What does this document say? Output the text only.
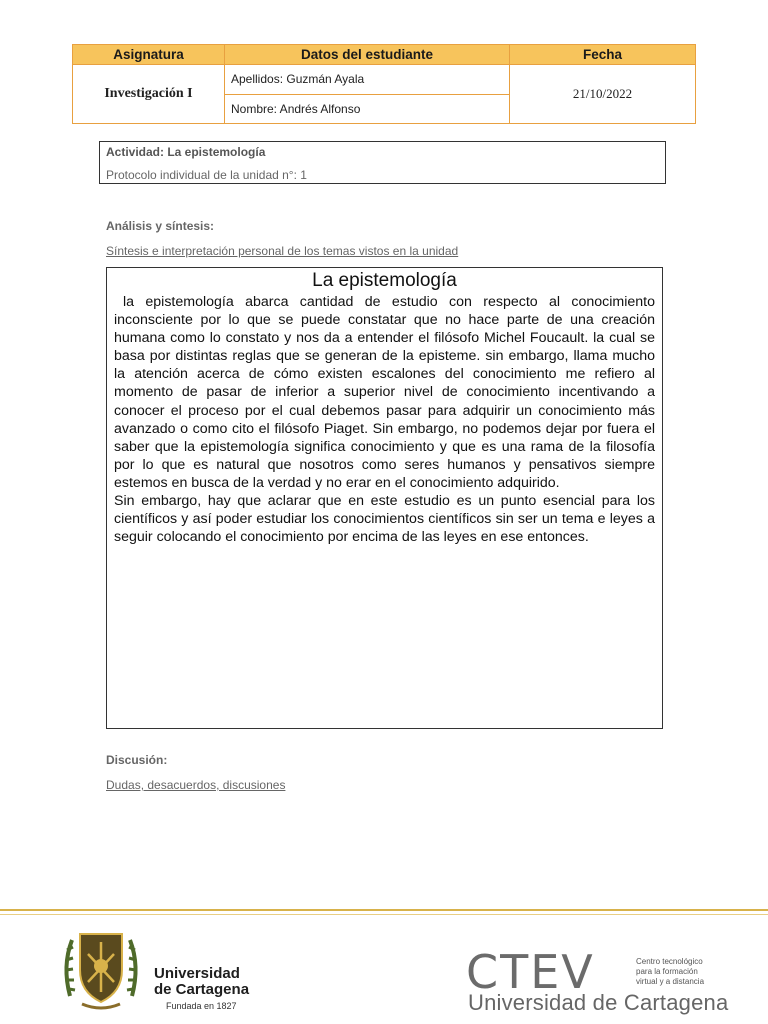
Asignatura	Datos del estudiante	Fecha
Investigación I	Apellidos: Guzmán Ayala	21/10/2022
	Nombre: Andrés Alfonso	
Actividad: La epistemología
Protocolo individual de la unidad n°: 1
Análisis y síntesis:
Síntesis e interpretación personal de los temas vistos en la unidad
La epistemología

la epistemología abarca cantidad de estudio con respecto al conocimiento inconsciente por lo que se puede constatar que no hace parte de una creación humana como lo constato y nos da a entender el filósofo Michel Foucault. la cual se basa por distintas reglas que se generan de la episteme. sin embargo, llama mucho la atención acerca de cómo existen escalones del conocimiento me refiero al momento de pasar de inferior a superior nivel de conocimiento incentivando a conocer el proceso por el cual debemos pasar para adquirir un conocimiento más avanzado o como cito el filósofo Piaget. Sin embargo, no podemos dejar por fuera el saber que la epistemología significa conocimiento y que es una rama de la filosofía por lo que es natural que nosotros como seres humanos y pensativos siempre estemos en busca de la verdad y no erar en el conocimiento adquirido.

Sin embargo, hay que aclarar que en este estudio es un punto esencial para los científicos y así poder estudiar los conocimientos científicos sin ser un tema e leyes a seguir colocando el conocimiento por encima de las leyes en ese entonces.

Discusión:
Dudas, desacuerdos, discusiones
Universidad
de Cartagena
Fundada en 1827
CTEV	Centro tecnológico
para la formación
virtual y a distancia
Universidad de Cartagena
